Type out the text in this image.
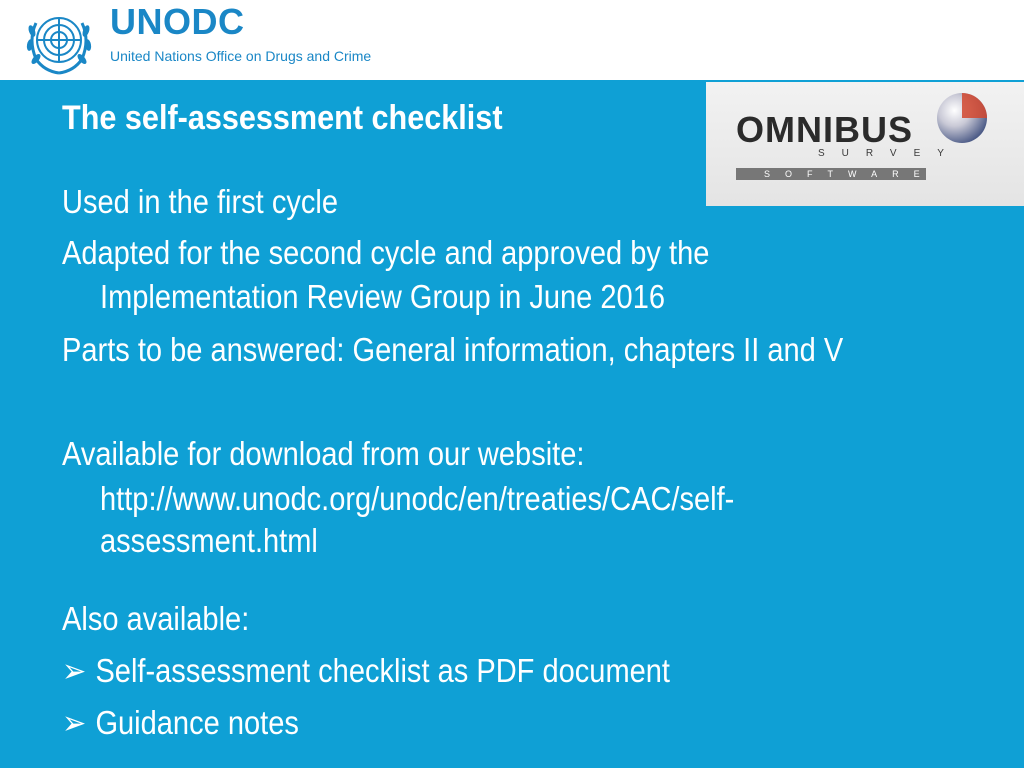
UNODC
United Nations Office on Drugs and Crime
The self-assessment checklist	OMNIBUS
SURVEY
SOFTWARE
Used in the first cycle
Adapted for the second cycle and approved by the
Implementation Review Group in June 2016
Parts to be answered: General information, chapters II and V
Available for download from our website:
http://www.unodc.org/unodc/en/treaties/CAC/self-
assessment.html
Also available:
➢ Self-assessment checklist as PDF document
➢ Guidance notes
